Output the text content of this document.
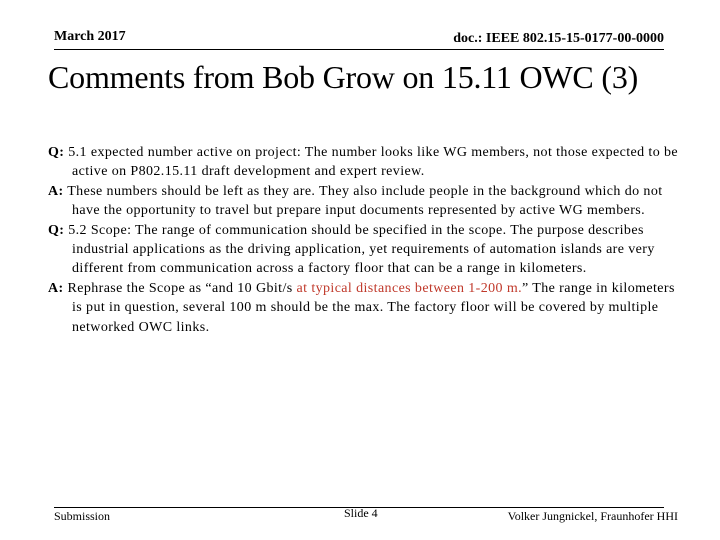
March 2017	doc.: IEEE 802.15-15-0177-00-0000
Comments from Bob Grow on 15.11 OWC (3)

Q: 5.1 expected number active on project: The number looks like WG members, not those expected to be active on P802.15.11 draft development and expert review.

A: These numbers should be left as they are. They also include people in the background which do not have the opportunity to travel but prepare input documents represented by active WG members.

Q: 5.2 Scope: The range of communication should be specified in the scope. The purpose describes industrial applications as the driving application, yet requirements of automation islands are very different from communication across a factory floor that can be a range in kilometers.

A: Rephrase the Scope as “and 10 Gbit/s at typical distances between 1-200 m.” The range in kilometers is put in question, several 100 m should be the max. The factory floor will be covered by multiple networked OWC links.

Submission	Slide 4	Volker Jungnickel, Fraunhofer HHI
